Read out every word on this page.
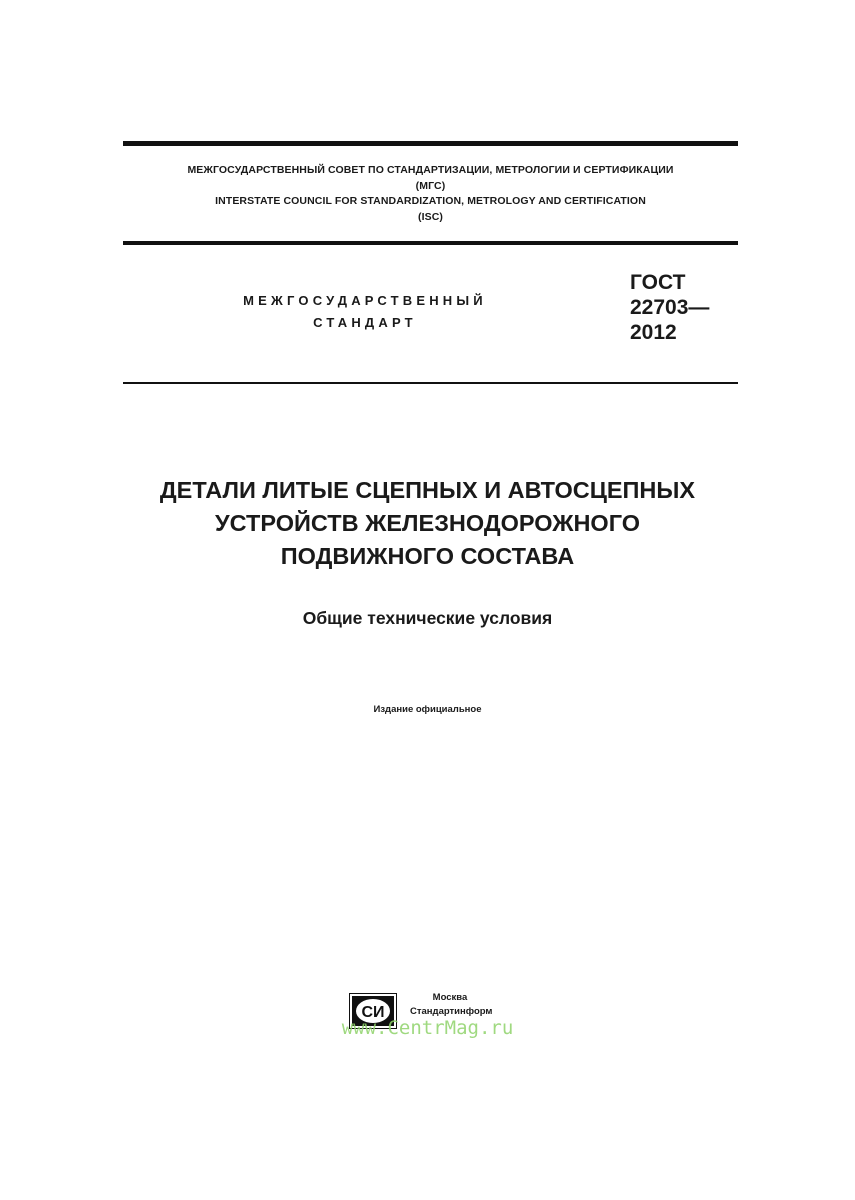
МЕЖГОСУДАРСТВЕННЫЙ СОВЕТ ПО СТАНДАРТИЗАЦИИ, МЕТРОЛОГИИ И СЕРТИФИКАЦИИ
(МГС)
INTERSTATE COUNCIL FOR STANDARDIZATION, METROLOGY AND CERTIFICATION
(ISC)
МЕЖГОСУДАРСТВЕННЫЙ
СТАНДАРТ
ГОСТ
22703—
2012
ДЕТАЛИ ЛИТЫЕ СЦЕПНЫХ И АВТОСЦЕПНЫХ
УСТРОЙСТВ ЖЕЛЕЗНОДОРОЖНОГО
ПОДВИЖНОГО СОСТАВА
Общие технические условия
Издание официальное
СИ
Москва
Стандартинформ
www.CentrMag.ru
